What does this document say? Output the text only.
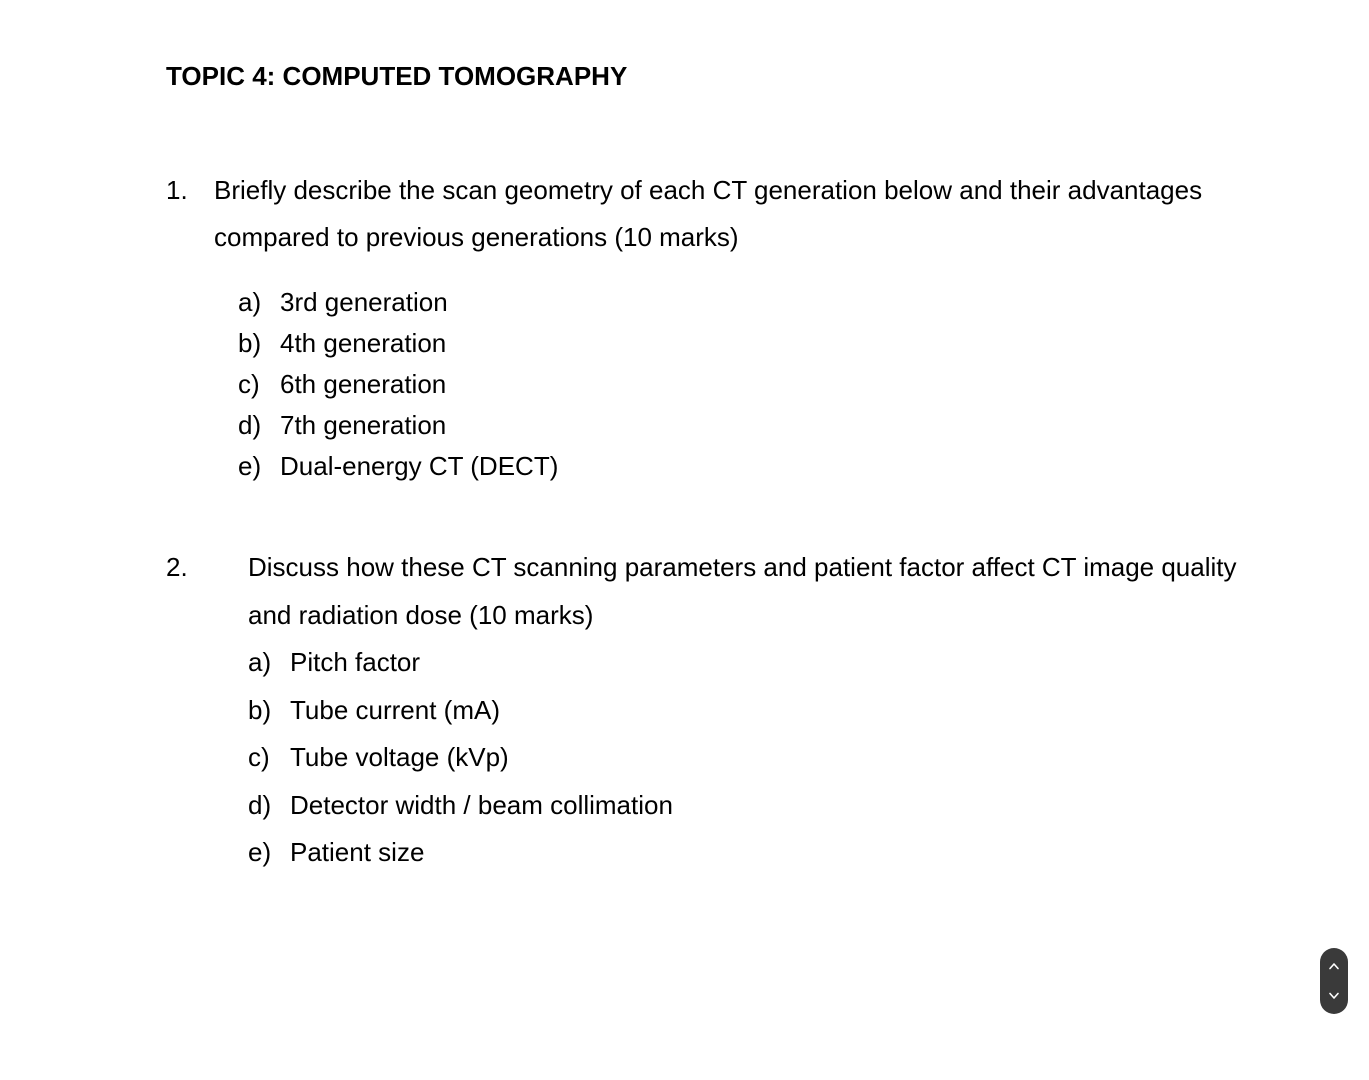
TOPIC 4: COMPUTED TOMOGRAPHY
1. Briefly describe the scan geometry of each CT generation below and their advantages compared to previous generations (10 marks)
a) 3rd generation
b) 4th generation
c) 6th generation
d) 7th generation
e) Dual-energy CT (DECT)
2. Discuss how these CT scanning parameters and patient factor affect CT image quality and radiation dose (10 marks)
a) Pitch factor
b) Tube current (mA)
c) Tube voltage (kVp)
d) Detector width / beam collimation
e) Patient size
